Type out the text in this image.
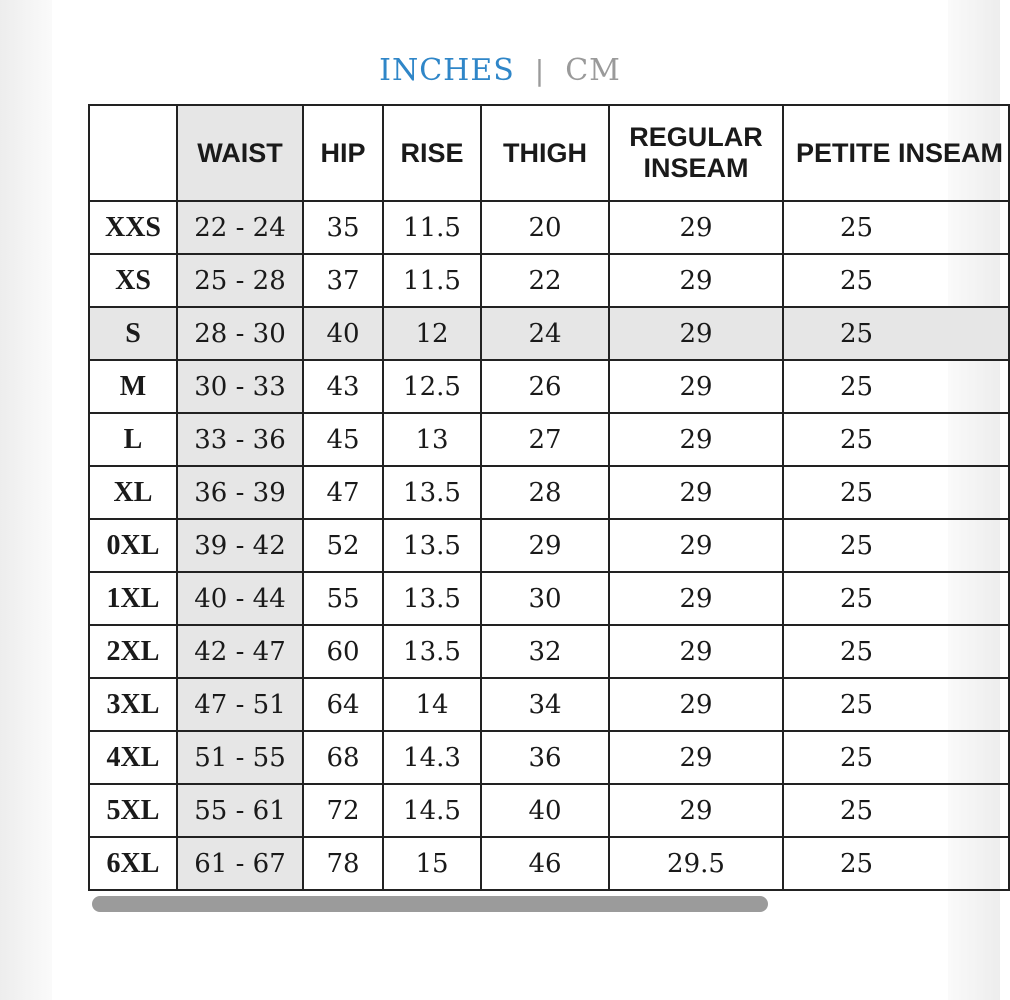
INCHES | CM
	WAIST	HIP	RISE	THIGH	REGULAR INSEAM	PETITE INSEAM
XXS	22 - 24	35	11.5	20	29	25
XS	25 - 28	37	11.5	22	29	25
S	28 - 30	40	12	24	29	25
M	30 - 33	43	12.5	26	29	25
L	33 - 36	45	13	27	29	25
XL	36 - 39	47	13.5	28	29	25
0XL	39 - 42	52	13.5	29	29	25
1XL	40 - 44	55	13.5	30	29	25
2XL	42 - 47	60	13.5	32	29	25
3XL	47 - 51	64	14	34	29	25
4XL	51 - 55	68	14.3	36	29	25
5XL	55 - 61	72	14.5	40	29	25
6XL	61 - 67	78	15	46	29.5	25
